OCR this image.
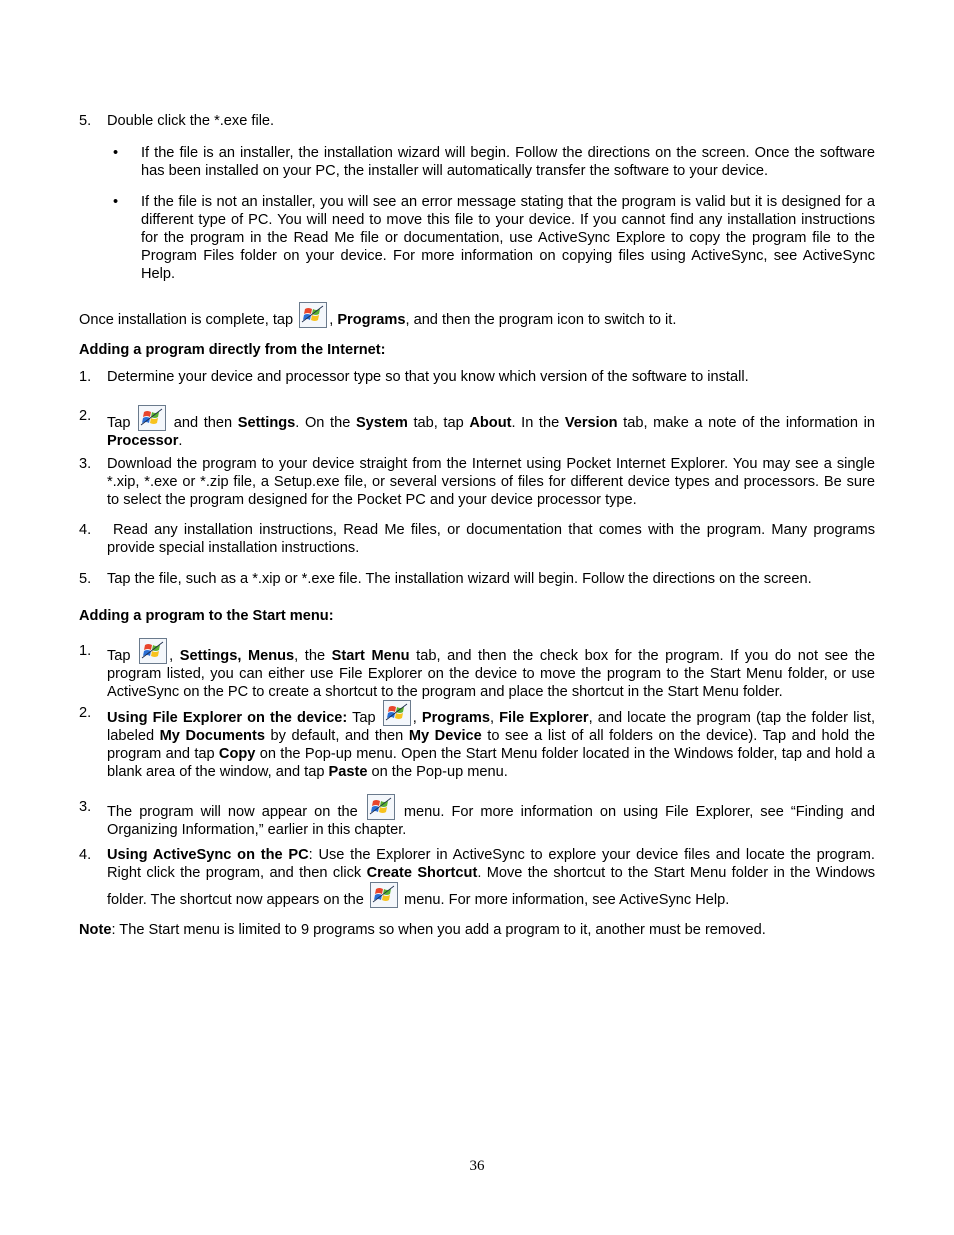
5.	Double click the *.exe file.
•	If the file is an installer, the installation wizard will begin. Follow the directions on the screen. Once the software has been installed on your PC, the installer will automatically transfer the software to your device.
•	If the file is not an installer, you will see an error message stating that the program is valid but it is designed for a different type of PC. You will need to move this file to your device. If you cannot find any installation instructions for the program in the Read Me file or documentation, use ActiveSync Explore to copy the program file to the Program Files folder on your device. For more information on copying files using ActiveSync, see ActiveSync Help.
Once installation is complete, tap , Programs, and then the program icon to switch to it.
Adding a program directly from the Internet:
1.	Determine your device and processor type so that you know which version of the software to install.
2.	Tap	and then Settings. On the System tab, tap About. In the Version tab, make a note of the information in Processor.
3.	Download the program to your device straight from the Internet using Pocket Internet Explorer. You may see a single *.xip, *.exe or *.zip file, a Setup.exe file, or several versions of files for different device types and processors. Be sure to select the program designed for the Pocket PC and your device processor type.
4.	Read any installation instructions, Read Me files, or documentation that comes with the program. Many programs provide special installation instructions.
5.	Tap the file, such as a *.xip or *.exe file. The installation wizard will begin. Follow the directions on the screen.
Adding a program to the Start menu:
1.	Tap	, Settings, Menus, the Start Menu tab, and then the check box for the program. If you do not see the program listed, you can either use File Explorer on the device to move the program to the Start Menu folder, or use ActiveSync on the PC to create a shortcut to the program and place the shortcut in the Start Menu folder.
2.	Using File Explorer on the device: Tap	, Programs, File Explorer, and locate the program (tap the folder list, labeled My Documents by default, and then My Device to see a list of all folders on the device). Tap and hold the program and tap Copy on the Pop-up menu. Open the Start Menu folder located in the Windows folder, tap and hold a blank area of the window, and tap Paste on the Pop-up menu.
3.	The program will now appear on the	menu. For more information on using File Explorer, see “Finding and Organizing Information,” earlier in this chapter.
4.	Using ActiveSync on the PC: Use the Explorer in ActiveSync to explore your device files and locate the program. Right click the program, and then click Create Shortcut. Move the shortcut to the Start Menu folder in the Windows folder. The shortcut now appears on the
menu. For more information, see ActiveSync Help.
Note: The Start menu is limited to 9 programs so when you add a program to it, another must be removed.
36
